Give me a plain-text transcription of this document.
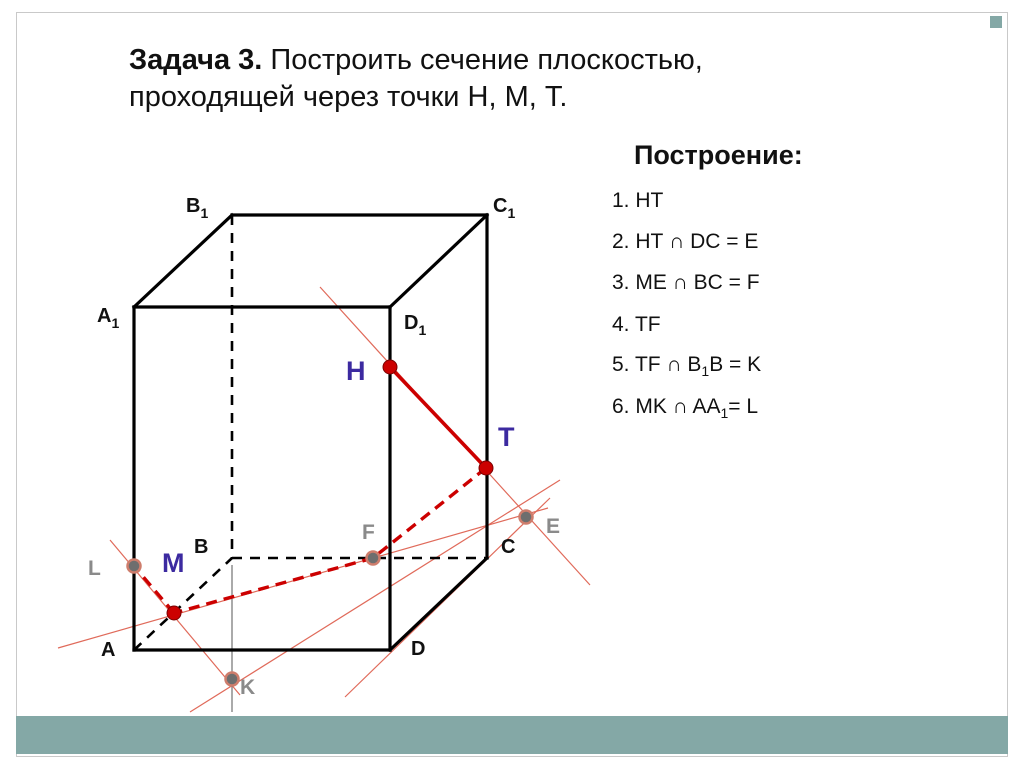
Задача 3. Построить сечение плоскостью,
проходящей через точки Н, М, Т.
Построение:
1. НТ
2. НТ ∩ DC = E
3. ME ∩ BC = F
4. TF
5. TF ∩ $B_1B = K$
6. MK ∩ $AA_1= L$
$A_1$
$B_1$	$C_1$
$D_1$
A
B	C
D
H
T
M
F	E
L
K
